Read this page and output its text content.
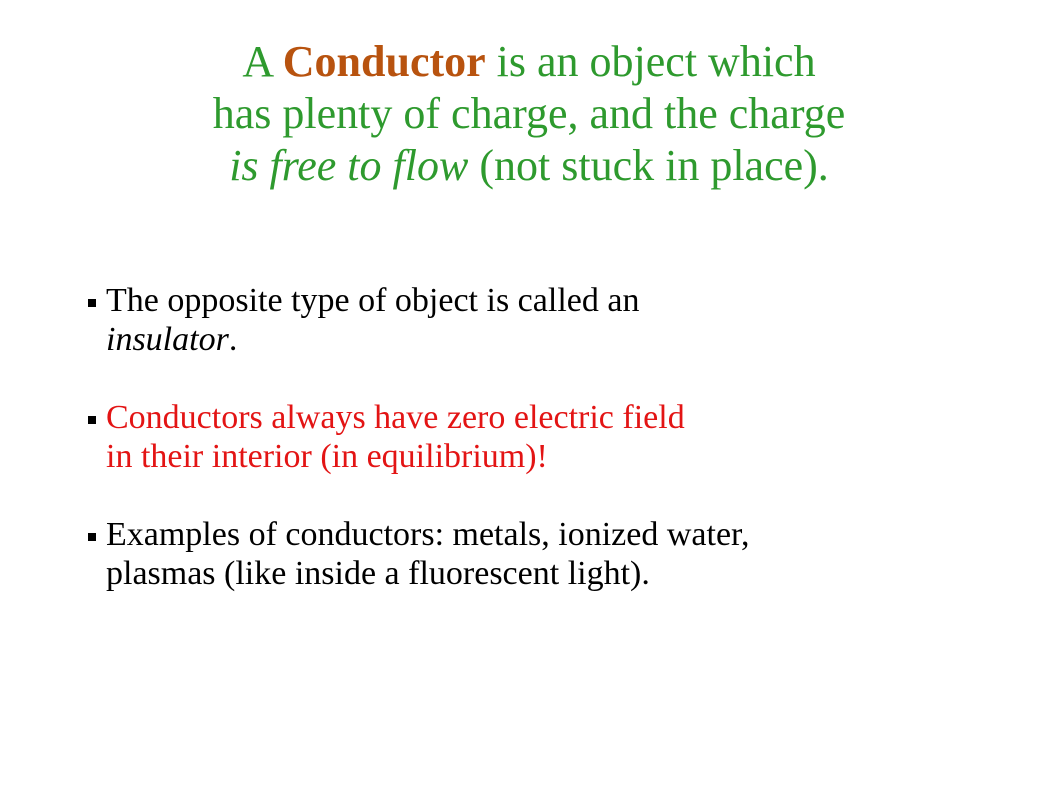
A Conductor is an object which
has plenty of charge, and the charge
is free to flow (not stuck in place).
The opposite type of object is called an
insulator.
Conductors always have zero electric field
in their interior (in equilibrium)!
Examples of conductors: metals, ionized water,
plasmas (like inside a fluorescent light).
